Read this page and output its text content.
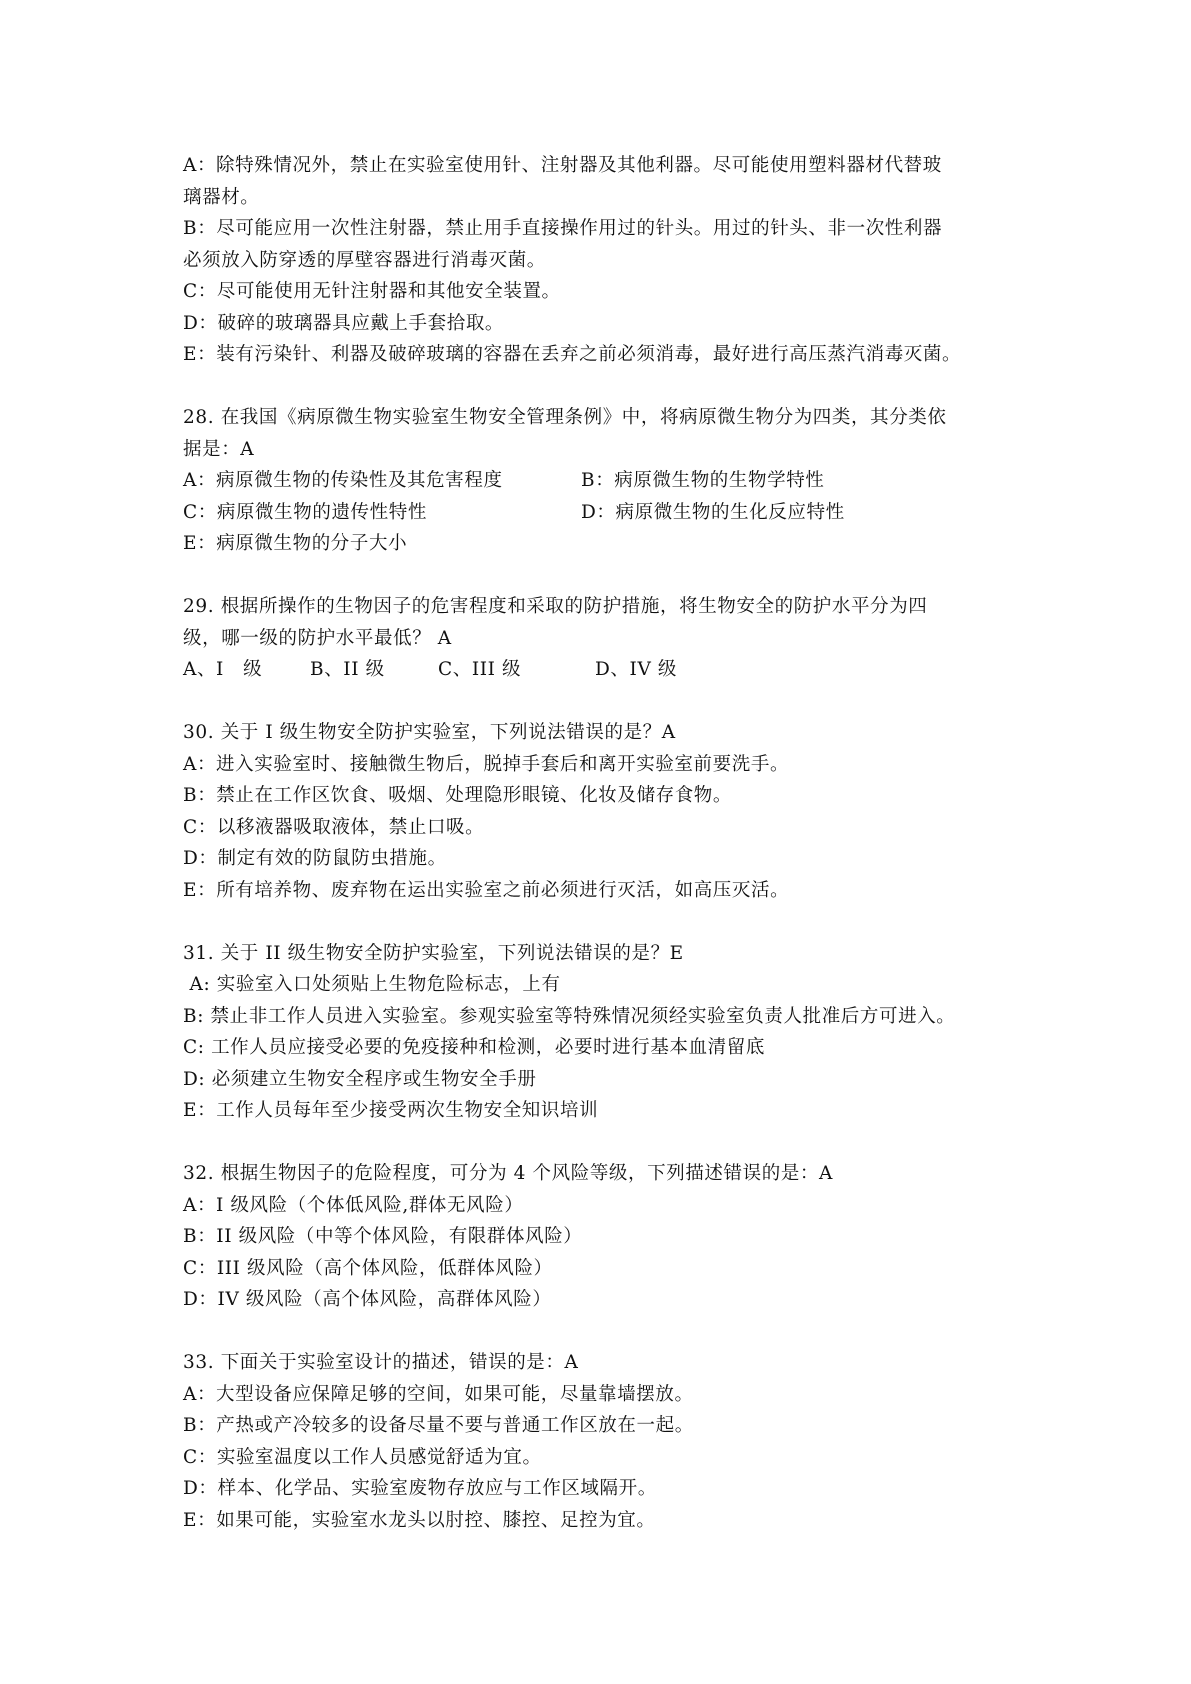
A：除特殊情况外，禁止在实验室使用针、注射器及其他利器。尽可能使用塑料器材代替玻
璃器材。
B：尽可能应用一次性注射器，禁止用手直接操作用过的针头。用过的针头、非一次性利器
必须放入防穿透的厚壁容器进行消毒灭菌。
C：尽可能使用无针注射器和其他安全装置。
D：破碎的玻璃器具应戴上手套拾取。
E：装有污染针、利器及破碎玻璃的容器在丢弃之前必须消毒，最好进行高压蒸汽消毒灭菌。
28. 在我国《病原微生物实验室生物安全管理条例》中，将病原微生物分为四类，其分类依
据是：A
A：病原微生物的传染性及其危害程度	B：病原微生物的生物学特性
C：病原微生物的遗传性特性	D：病原微生物的生化反应特性
E：病原微生物的分子大小
29. 根据所操作的生物因子的危害程度和采取的防护措施，将生物安全的防护水平分为四
级，哪一级的防护水平最低？ A
A、I　级	B、II 级	C、III 级	D、IV 级
30. 关于 I 级生物安全防护实验室，下列说法错误的是？A
A：进入实验室时、接触微生物后，脱掉手套后和离开实验室前要洗手。
B：禁止在工作区饮食、吸烟、处理隐形眼镜、化妆及储存食物。
C：以移液器吸取液体，禁止口吸。
D：制定有效的防鼠防虫措施。
E：所有培养物、废弃物在运出实验室之前必须进行灭活，如高压灭活。
31. 关于 II 级生物安全防护实验室，下列说法错误的是？E
A: 实验室入口处须贴上生物危险标志，上有
B: 禁止非工作人员进入实验室。参观实验室等特殊情况须经实验室负责人批准后方可进入。
C: 工作人员应接受必要的免疫接种和检测，必要时进行基本血清留底
D: 必须建立生物安全程序或生物安全手册
E：工作人员每年至少接受两次生物安全知识培训
32. 根据生物因子的危险程度，可分为 4 个风险等级，下列描述错误的是：A
A：I 级风险（个体低风险,群体无风险）
B：II 级风险（中等个体风险，有限群体风险）
C：III 级风险（高个体风险，低群体风险）
D：IV 级风险（高个体风险，高群体风险）
33. 下面关于实验室设计的描述，错误的是：A
A：大型设备应保障足够的空间，如果可能，尽量靠墙摆放。
B：产热或产冷较多的设备尽量不要与普通工作区放在一起。
C：实验室温度以工作人员感觉舒适为宜。
D：样本、化学品、实验室废物存放应与工作区域隔开。
E：如果可能，实验室水龙头以肘控、膝控、足控为宜。
